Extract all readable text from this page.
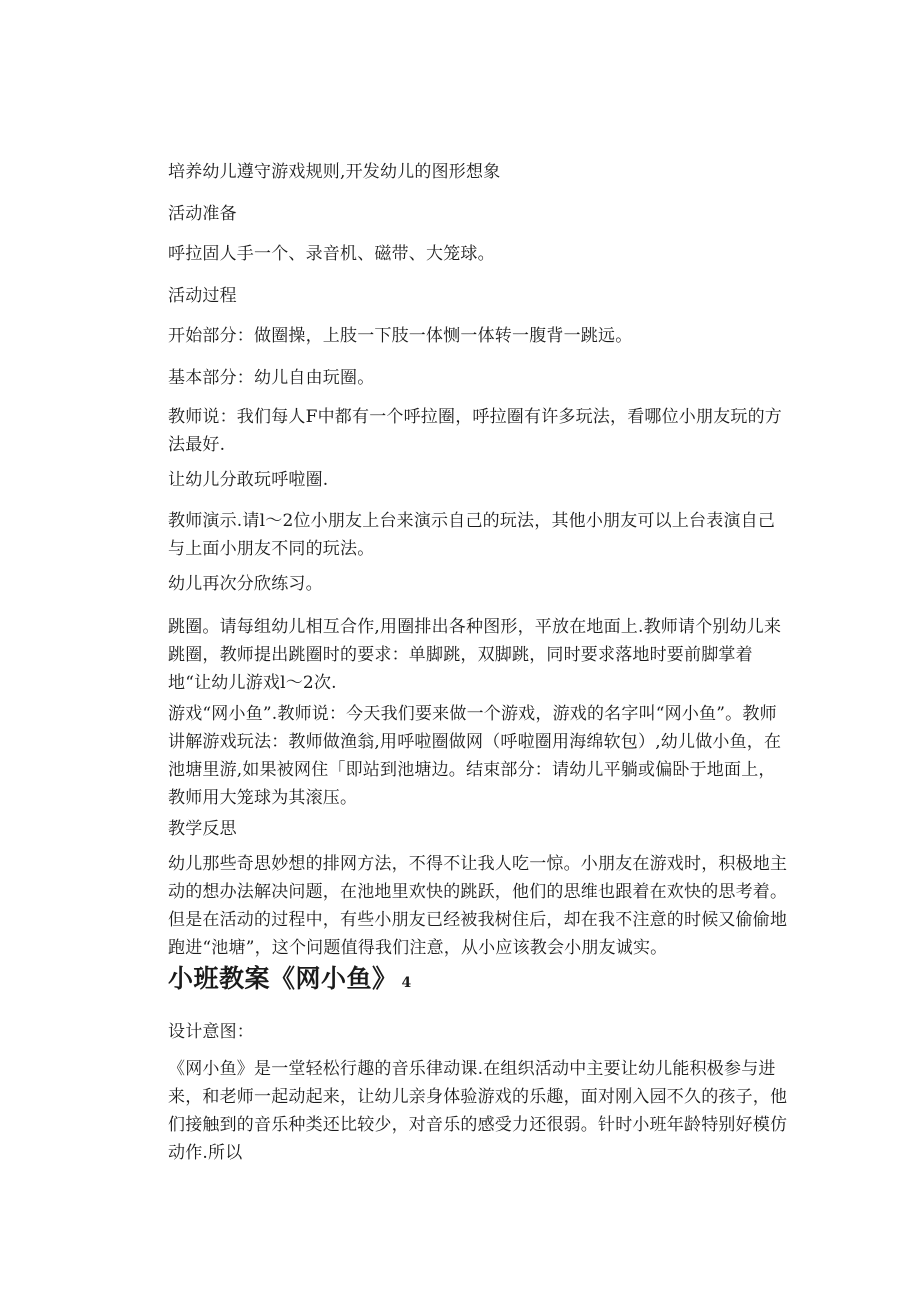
培养幼儿遵守游戏规则,开发幼儿的图形想象

活动准备

呼拉固人手一个、录音机、磁带、大笼球。

活动过程

开始部分：做圈操，上肢一下肢一体恻一体转一腹背一跳远。

基本部分：幼儿自由玩圈。

教师说：我们每人F中都有一个呼拉圈，呼拉圈有许多玩法，看哪位小朋友玩的方法最好.

让幼儿分敢玩呼啦圈.

教师演示.请l～2位小朋友上台来演示自己的玩法，其他小朋友可以上台表演自己与上面小朋友不同的玩法。

幼儿再次分欣练习。

跳圈。请每组幼儿相互合作,用圈排出各种图形，平放在地面上.教师请个别幼儿来跳圈，教师提出跳圈时的要求：单脚跳，双脚跳，同时要求落地时要前脚掌着地“让幼儿游戏l～2次.

游戏“网小鱼”.教师说：今天我们要来做一个游戏，游戏的名字叫“网小鱼”。教师讲解游戏玩法：教师做渔翁,用呼啦圈做网（呼啦圈用海绵软包）,幼儿做小鱼，在池塘里游,如果被网住「即站到池塘边。结束部分：请幼儿平躺或偏卧于地面上，教师用大笼球为其滚压。

教学反思

幼儿那些奇思妙想的排网方法，不得不让我人吃一惊。小朋友在游戏时，积极地主动的想办法解决问题，在池地里欢快的跳跃，他们的思维也跟着在欢快的思考着。但是在活动的过程中，有些小朋友已经被我树住后，却在我不注意的时候又偷偷地跑进“池塘”，这个问题值得我们注意，从小应该教会小朋友诚实。

小班教案《网小鱼》 4

设计意图：

《网小鱼》是一堂轻松行趣的音乐律动课.在组织活动中主要让幼儿能积极参与进来，和老师一起动起来，让幼儿亲身体验游戏的乐趣，面对刚入园不久的孩子，他们接触到的音乐种类还比较少，对音乐的感受力还很弱。针时小班年龄特别好模仿动作.所以
